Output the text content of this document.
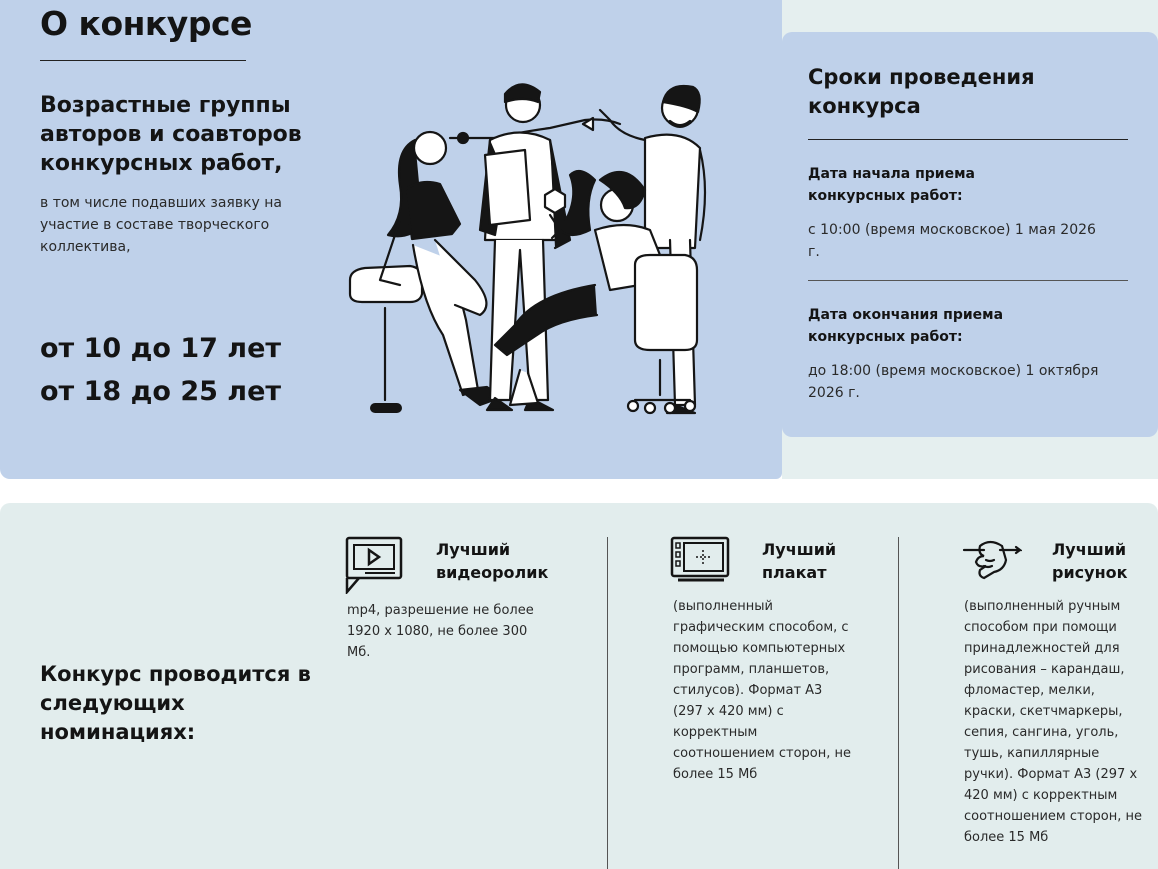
О конкурсе
Возрастные группы авторов и соавторов конкурсных работ,
в том числе подавших заявку на участие в составе творческого коллектива,
от 10 до 17 лет
от 18 до 25 лет
Сроки проведения конкурса
Дата начала приема конкурсных работ:
с 10:00 (время московское) 1 мая 2026 г.
Дата окончания приема конкурсных работ:
до 18:00 (время московское) 1 октября 2026 г.
Конкурс проводится в следующих номинациях:
Лучший видеоролик
mp4, разрешение не более 1920 х 1080, не более 300 Мб.
Лучший плакат
(выполненный графическим способом, с помощью компьютерных программ, планшетов, стилусов). Формат А3 (297 х 420 мм) с корректным соотношением сторон, не более 15 Мб
Лучший рисунок
(выполненный ручным способом при помощи принадлежностей для рисования – карандаш, фломастер, мелки, краски, скетчмаркеры, сепия, сангина, уголь, тушь, капиллярные ручки). Формат А3 (297 х 420 мм) с корректным соотношением сторон, не более 15 Мб
